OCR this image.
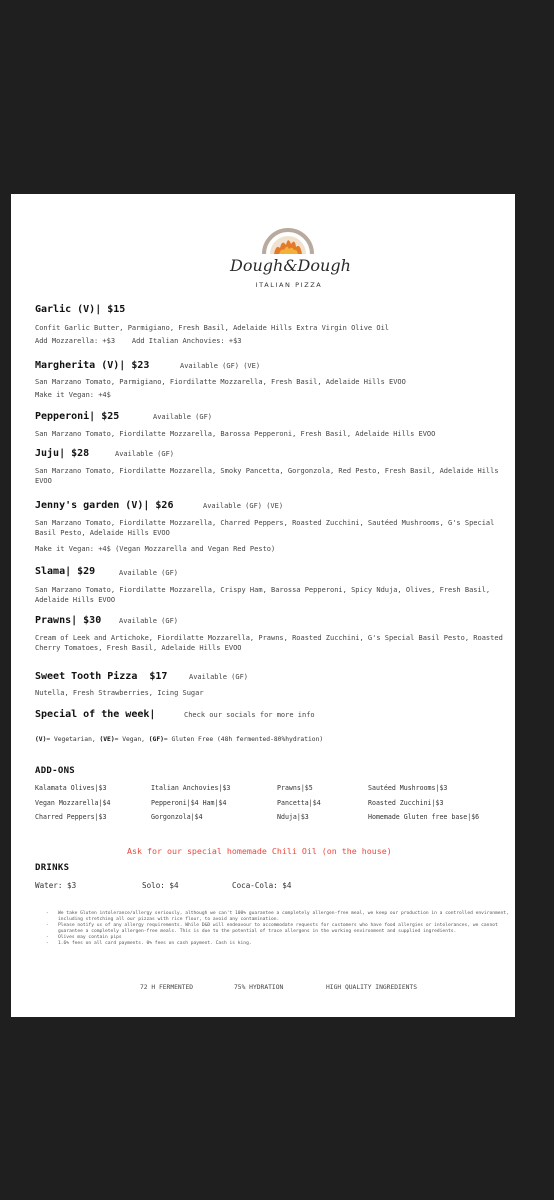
Dough&Dough
ITALIAN PIZZA
Garlic (V)| $15
Confit Garlic Butter, Parmigiano, Fresh Basil, Adelaide Hills Extra Virgin Olive Oil
Add Mozzarella: +$3    Add Italian Anchovies: +$3
Margherita (V)| $23	Available (GF) (VE)
San Marzano Tomato, Parmigiano, Fiordilatte Mozzarella, Fresh Basil, Adelaide Hills EVOO
Make it Vegan: +4$
Pepperoni| $25	Available (GF)
San Marzano Tomato, Fiordilatte Mozzarella, Barossa Pepperoni, Fresh Basil, Adelaide Hills EVOO
Juju| $28	Available (GF)
San Marzano Tomato, Fiordilatte Mozzarella, Smoky Pancetta, Gorgonzola, Red Pesto, Fresh Basil, Adelaide Hills EVOO
Jenny's garden (V)| $26	Available (GF) (VE)
San Marzano Tomato, Fiordilatte Mozzarella, Charred Peppers, Roasted Zucchini, Sautéed Mushrooms, G's Special Basil Pesto, Adelaide Hills EVOO
Make it Vegan: +4$ (Vegan Mozzarella and Vegan Red Pesto)
Slama| $29	Available (GF)
San Marzano Tomato, Fiordilatte Mozzarella, Crispy Ham, Barossa Pepperoni, Spicy Nduja, Olives, Fresh Basil, Adelaide Hills EVOO
Prawns| $30	Available (GF)
Cream of Leek and Artichoke, Fiordilatte Mozzarella, Prawns, Roasted Zucchini, G's Special Basil Pesto, Roasted Cherry Tomatoes, Fresh Basil, Adelaide Hills EVOO
Sweet Tooth Pizza  $17	Available (GF)
Nutella, Fresh Strawberries, Icing Sugar
Special of the week|	Check our socials for more info
(V)= Vegetarian, (VE)= Vegan, (GF)= Gluten Free (48h fermented-80%hydration)
ADD-ONS
Kalamata Olives|$3	Italian Anchovies|$3	Prawns|$5	Sautéed Mushrooms|$3
Vegan Mozzarella|$4	Pepperoni|$4 Ham|$4	Pancetta|$4	Roasted Zucchini|$3
Charred Peppers|$3	Gorgonzola|$4	Nduja|$3	Homemade Gluten free base|$6
Ask for our special homemade Chili Oil (on the house)
DRINKS
Water: $3	Solo: $4	Coca-Cola: $4
- We take Gluten intolerance/allergy seriously, although we can't 100% guarantee a completely allergen-free meal, we keep our production in a controlled environment, including stretching all our pizzas with rice flour, to avoid any contamination.
- Please notify us of any allergy requirements. While D&D will endeavour to accommodate requests for customers who have food allergies or intolerances, we cannot guarantee a completely allergen-free meals. This is due to the potential of trace allergens in the working environment and supplied ingredients.
- Olives may contain pips
- 1.6% fees on all card payments. 0% fees on cash payment. Cash is king.
72 H FERMENTED	75% HYDRATION	HIGH QUALITY INGREDIENTS
